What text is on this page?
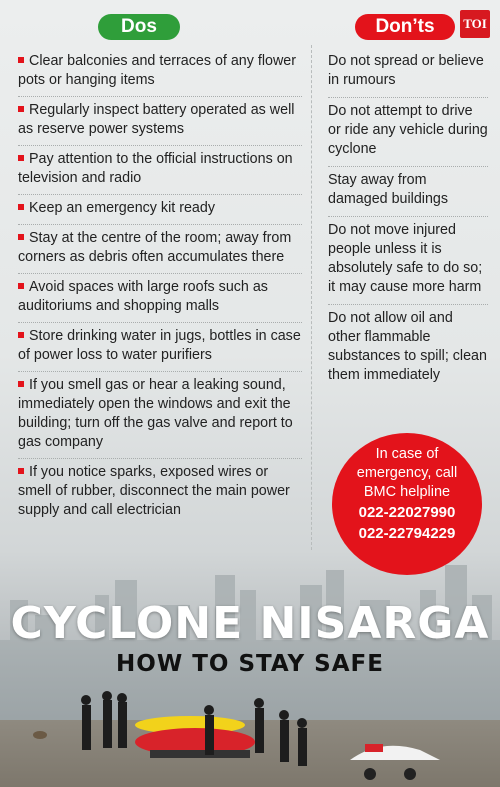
Dos	Don’ts	TOI
Clear balconies and terraces of any flower pots or hanging items
Regularly inspect battery operated as well as reserve power systems
Pay attention to the official instructions on television and radio
Keep an emergency kit ready
Stay at the centre of the room; away from corners as debris often accumulates there
Avoid spaces with large roofs such as auditoriums and shopping malls
Store drinking water in jugs, bottles in case of power loss to water purifiers
If you smell gas or hear a leaking sound, immediately open the windows and exit the building; turn off the gas valve and report to gas company
If you notice sparks, exposed wires or smell of rubber, disconnect the main power supply and call electrician
Do not spread or believe in rumours
Do not attempt to drive or ride any vehicle during cyclone
Stay away from damaged buildings
Do not move injured people unless it is absolutely safe to do so; it may cause more harm
Do not allow oil and other flammable substances to spill; clean them immediately
In case of
emergency, call
BMC helpline
022-22027990
022-22794229
CYCLONE NISARGA
HOW TO STAY SAFE
